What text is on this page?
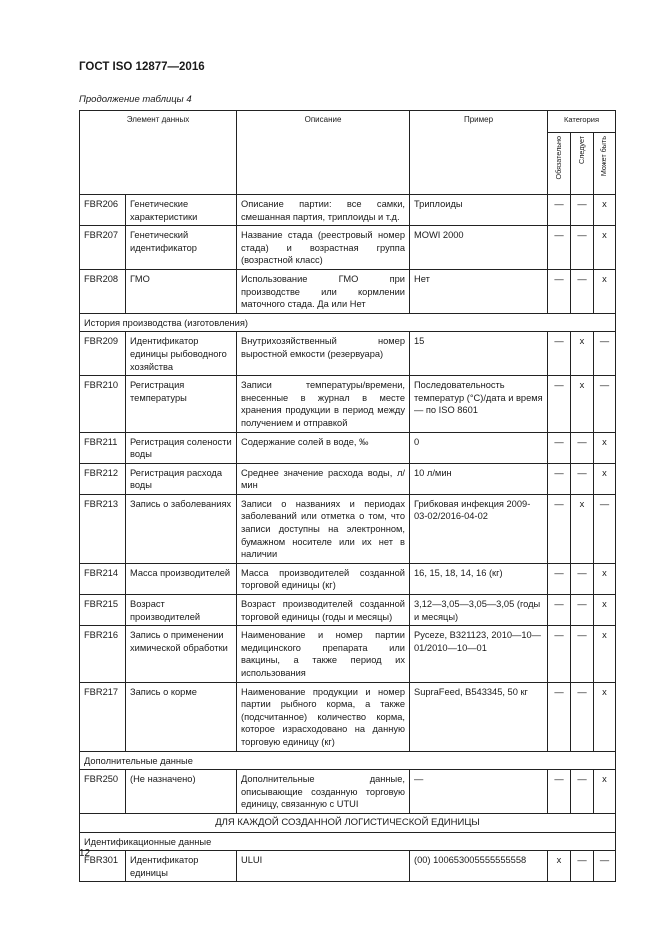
ГОСТ ISO 12877—2016
Продолжение таблицы 4
Элемент данных		Описание	Пример	Категория		

				Обязательно	Следует	Может быть

FBR206	Генетические характеристики	Описание партии: все самки, смешанная партия, триплоиды и т.д.	Триплоиды	—	—	x
FBR207	Генетический идентификатор	Название стада (реестровый номер стада) и возрастная группа (возрастной класс)	MOWI 2000	—	—	x
FBR208	ГМО	Использование ГМО при производстве или кормлении маточного стада. Да или Нет	Нет	—	—	x
История производства (изготовления)						
FBR209	Идентификатор единицы рыбоводного хозяйства	Внутрихозяйственный номер выростной емкости (резервуара)	15	—	x	—
FBR210	Регистрация температуры	Записи температуры/времени, внесенные в журнал в месте хранения продукции в период между получением и отправкой	Последовательность температур (°C)/дата и время — по ISO 8601	—	x	—
FBR211	Регистрация солености воды	Содержание солей в воде, ‰	0	—	—	x
FBR212	Регистрация расхода воды	Среднее значение расхода воды, л/мин	10 л/мин	—	—	x
FBR213	Запись о заболеваниях	Записи о названиях и периодах заболеваний или отметка о том, что записи доступны на электронном, бумажном носителе или их нет в наличии	Грибковая инфекция 2009-03-02/2016-04-02	—	x	—
FBR214	Масса производителей	Масса производителей созданной торговой единицы (кг)	16, 15, 18, 14, 16 (кг)	—	—	x
FBR215	Возраст производителей	Возраст производителей созданной торговой единицы (годы и месяцы)	3,12—3,05—3,05—3,05 (годы и месяцы)	—	—	x
FBR216	Запись о применении химической обработки	Наименование и номер партии медицинского препарата или вакцины, а также период их использования	Pyceze, B321123, 2010—10—01/2010—10—01	—	—	x
FBR217	Запись о корме	Наименование продукции и номер партии рыбного корма, а также (подсчитанное) количество корма, которое израсходовано на данную торговую единицу (кг)	SupraFeed, B543345, 50 кг	—	—	x
Дополнительные данные						
FBR250	(Не назначено)	Дополнительные данные, описывающие созданную торговую единицу, связанную с UTUI	—	—	—	x
ДЛЯ КАЖДОЙ СОЗДАННОЙ ЛОГИСТИЧЕСКОЙ ЕДИНИЦЫ						
Идентификационные данные						
FBR301	Идентификатор единицы	ULUI	(00) 100653005555555558	x	—	—
12
